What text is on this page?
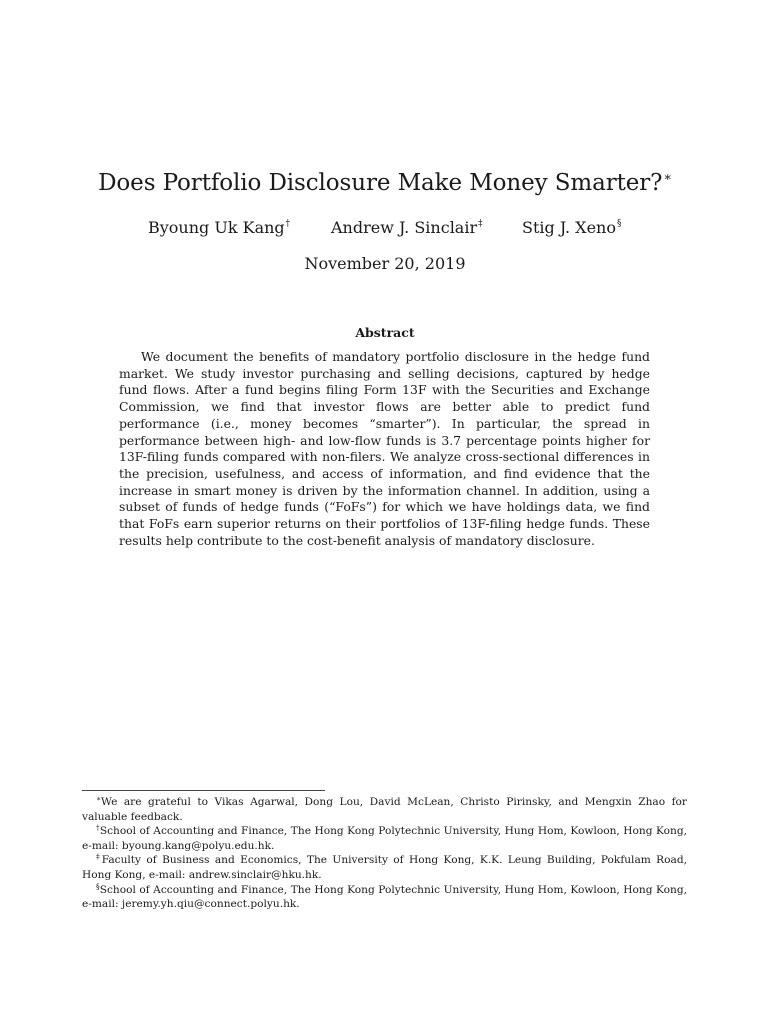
Does Portfolio Disclosure Make Money Smarter?∗
Byoung Uk Kang†	Andrew J. Sinclair‡ Stig J. Xeno§
November 20, 2019
Abstract

We document the benefits of mandatory portfolio disclosure in the hedge fund market. We study investor purchasing and selling decisions, captured by hedge fund flows. After a fund begins filing Form 13F with the Securities and Exchange Commission, we find that investor flows are better able to predict fund performance (i.e., money becomes “smarter”). In particular, the spread in performance between high- and low-flow funds is 3.7 percentage points higher for 13F-filing funds compared with non-filers. We analyze cross-sectional differences in the precision, usefulness, and access of information, and find evidence that the increase in smart money is driven by the information channel. In addition, using a subset of funds of hedge funds (“FoFs”) for which we have holdings data, we find that FoFs earn superior returns on their portfolios of 13F-filing hedge funds. These results help contribute to the cost-benefit analysis of mandatory disclosure.

∗We are grateful to Vikas Agarwal, Dong Lou, David McLean, Christo Pirinsky, and Mengxin Zhao for valuable feedback.

†School of Accounting and Finance, The Hong Kong Polytechnic University, Hung Hom, Kowloon, Hong Kong, e-mail: byoung.kang@polyu.edu.hk.

‡Faculty of Business and Economics, The University of Hong Kong, K.K. Leung Building, Pokfulam Road, Hong Kong, e-mail: andrew.sinclair@hku.hk.

§School of Accounting and Finance, The Hong Kong Polytechnic University, Hung Hom, Kowloon, Hong Kong, e-mail: jeremy.yh.qiu@connect.polyu.hk.
